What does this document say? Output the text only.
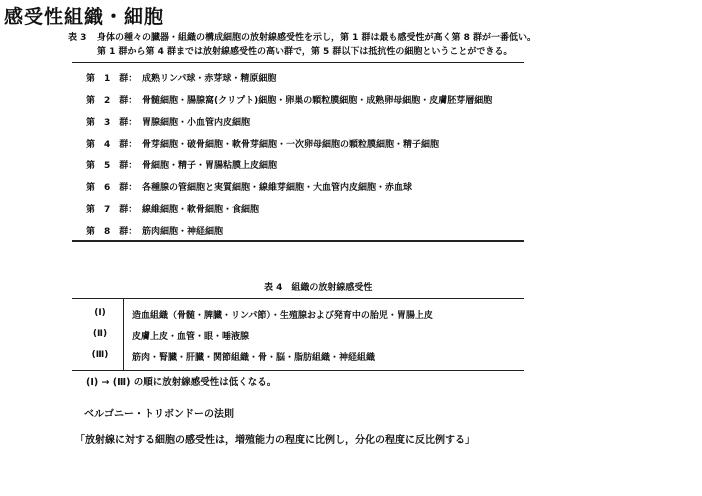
感受性組織・細胞
表 3 身体の種々の臓器・組織の構成細胞の放射線感受性を示し，第 1 群は最も感受性が高く第 8 群が一番低い。
第 1 群から第 4 群までは放射線感受性の高い群で，第 5 群以下は抵抗性の細胞ということができる。
第　1　群： 成熟リンパ球・赤芽球・精原細胞
第　2　群： 骨髄細胞・腸腺窩(クリプト)細胞・卵巣の顆粒膜細胞・成熟卵母細胞・皮膚胚芽層細胞
第　3　群： 胃腺細胞・小血管内皮細胞
第　4　群： 骨芽細胞・破骨細胞・軟骨芽細胞・一次卵母細胞の顆粒膜細胞・精子細胞
第　5　群： 骨細胞・精子・胃腸粘膜上皮細胞
第　6　群： 各種腺の管細胞と実質細胞・線維芽細胞・大血管内皮細胞・赤血球
第　7　群： 線維細胞・軟骨細胞・食細胞
第　8　群： 筋肉細胞・神経細胞
表 4　組織の放射線感受性
(Ⅰ)	造血組織（骨髄・脾臓・リンパ節）・生殖腺および発育中の胎児・胃腸上皮
(Ⅱ)	皮膚上皮・血管・眼・唾液腺
(Ⅲ)	筋肉・腎臓・肝臓・関節組織・骨・脳・脂肪組織・神経組織
(Ⅰ) → (Ⅲ) の順に放射線感受性は低くなる。
ベルゴニー・トリボンドーの法則
「放射線に対する細胞の感受性は，増殖能力の程度に比例し，分化の程度に反比例する」
